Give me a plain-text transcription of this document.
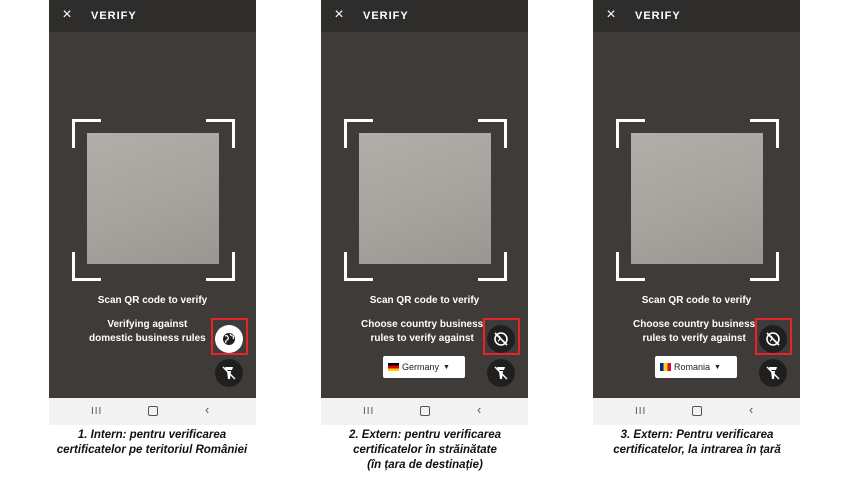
× VERIFY
Scan QR code to verify
Verifying against
domestic business rules
III	‹
× VERIFY
Scan QR code to verify
Choose country business
rules to verify against
Germany ▼
III	‹
× VERIFY
Scan QR code to verify
Choose country business
rules to verify against
Romania ▼
III	‹
1. Intern: pentru verificarea
certificatelor pe teritoriul României
2. Extern: pentru verificarea
certificatelor în străinătate
(în țara de destinație)
3. Extern: Pentru verificarea
certificatelor, la intrarea în țară
